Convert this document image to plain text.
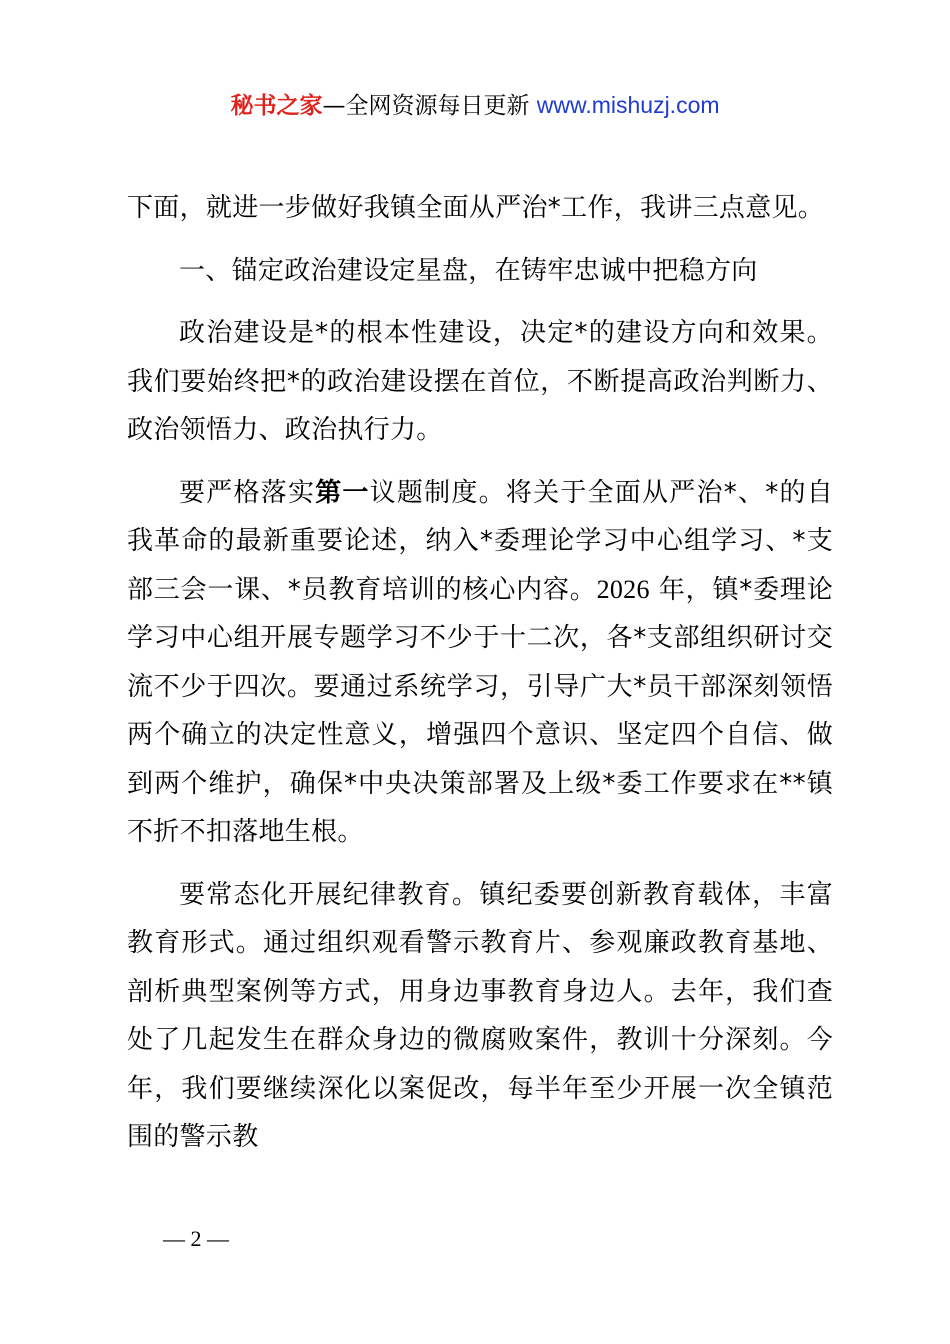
秘书之家—全网资源每日更新 www.mishuzj.com

下面，就进一步做好我镇全面从严治*工作，我讲三点意见。

一、锚定政治建设定星盘，在铸牢忠诚中把稳方向

政治建设是*的根本性建设，决定*的建设方向和效果。我们要始终把*的政治建设摆在首位，不断提高政治判断力、政治领悟力、政治执行力。

要严格落实第一议题制度。将关于全面从严治*、*的自我革命的最新重要论述，纳入*委理论学习中心组学习、*支部三会一课、*员教育培训的核心内容。2026 年，镇*委理论学习中心组开展专题学习不少于十二次，各*支部组织研讨交流不少于四次。要通过系统学习，引导广大*员干部深刻领悟两个确立的决定性意义，增强四个意识、坚定四个自信、做到两个维护，确保*中央决策部署及上级*委工作要求在**镇不折不扣落地生根。

要常态化开展纪律教育。镇纪委要创新教育载体，丰富教育形式。通过组织观看警示教育片、参观廉政教育基地、剖析典型案例等方式，用身边事教育身边人。去年，我们查处了几起发生在群众身边的微腐败案件，教训十分深刻。今年，我们要继续深化以案促改，每半年至少开展一次全镇范围的警示教

— 2 —
